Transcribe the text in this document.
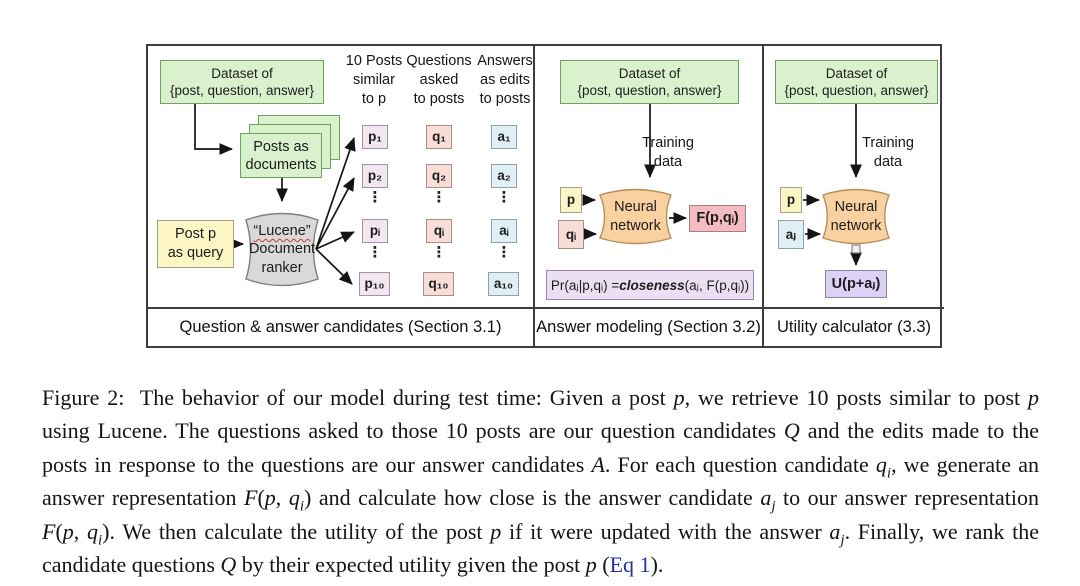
Dataset of
{post, question, answer}
Posts as
documents
Post p
as query
“Lucene”
Document
ranker
10 Posts
similar
to p
Questions
asked
to posts
Answers
as edits
to posts
p₁
p₂
⋮
pᵢ
⋮
p₁₀
q₁
q₂
⋮
qᵢ
⋮
q₁₀
a₁
a₂
⋮
aᵢ
⋮
a₁₀
Question & answer candidates (Section 3.1)
Dataset of
{post, question, answer}
Training
data
p
qᵢ
Neural
network	F(p,qᵢ)
Pr(aⱼ|p,qᵢ) = closeness (aⱼ, F(p,qᵢ))
Answer modeling (Section 3.2)
Dataset of
{post, question, answer}
Training
data
p
aⱼ
Neural
network
U(p+aⱼ)
Utility calculator (3.3)

Figure 2:  The behavior of our model during test time: Given a post p, we retrieve 10 posts similar to post p using Lucene. The questions asked to those 10 posts are our question candidates Q and the edits made to the posts in response to the questions are our answer candidates A. For each question candidate $q_i$, we generate an answer representation F(p, $q_i$) and calculate how close is the answer candidate $a_j$ to our answer representation F(p, $q_i$). We then calculate the utility of the post p if it were updated with the answer $a_j$. Finally, we rank the candidate questions Q by their expected utility given the post p (Eq 1).
